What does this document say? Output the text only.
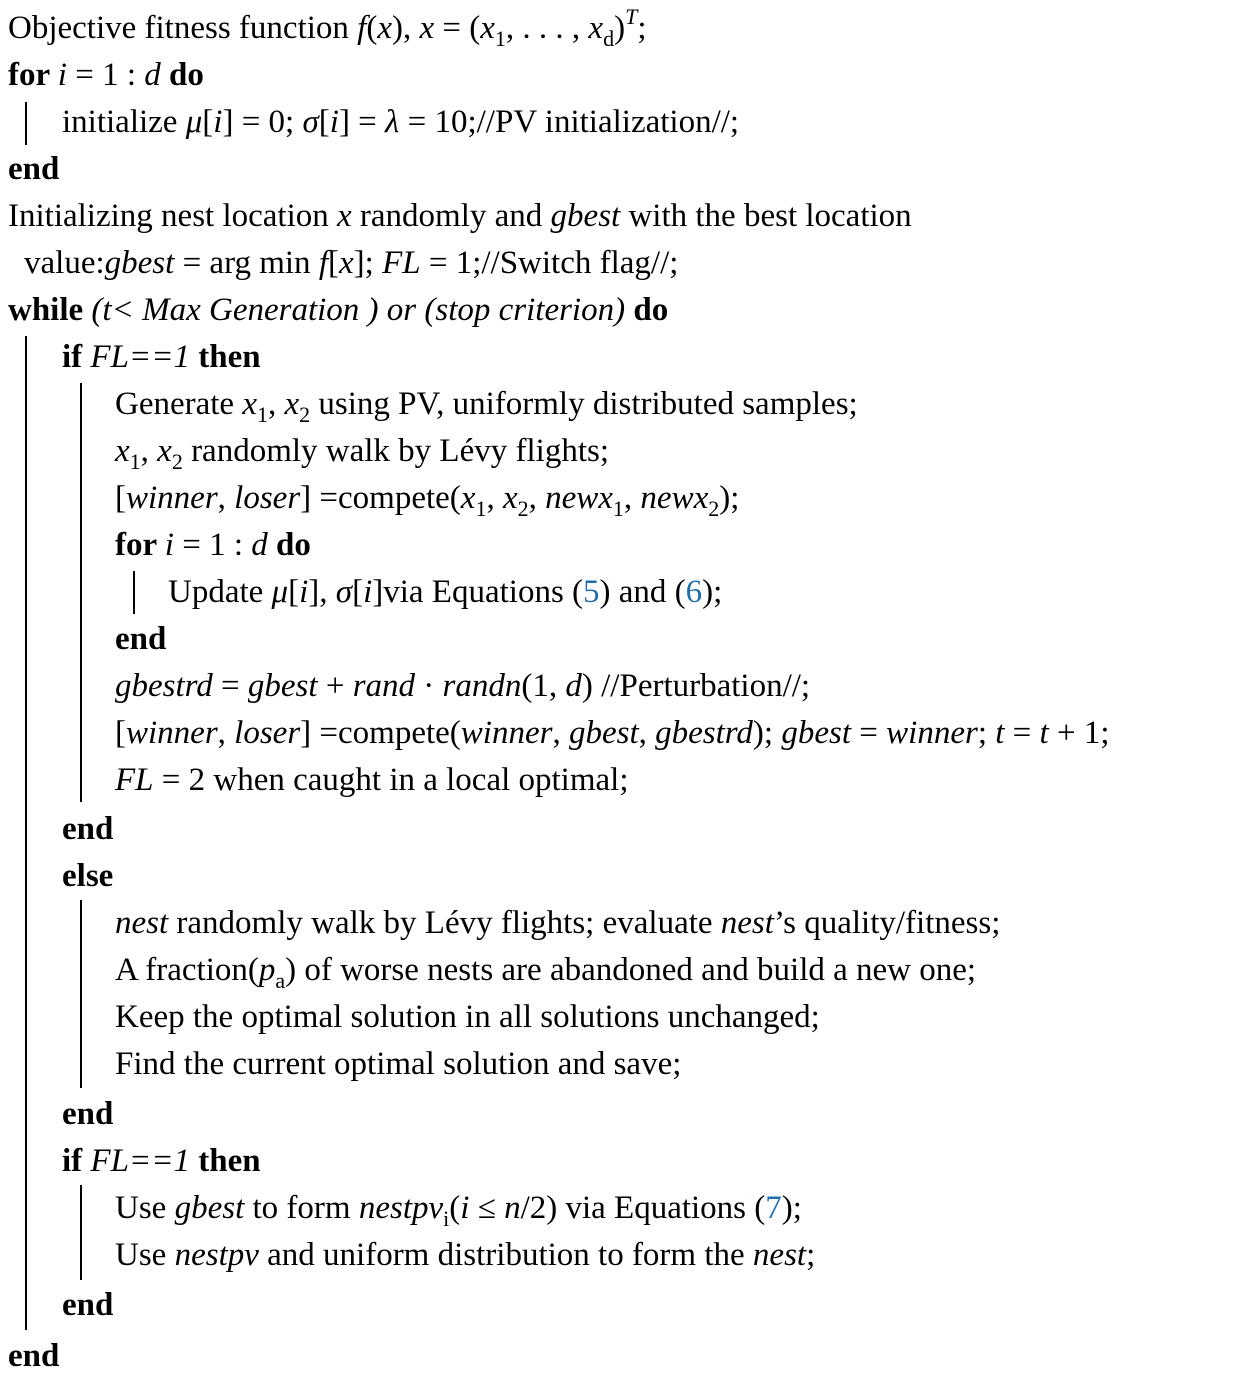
Objective fitness function f(x), $x = (x_1$, . . . , $x_d)^T$;
for i = 1 : d do
initialize μ[i] = 0; σ[i] = λ = 10;//PV initialization//;
end
Initializing nest location x randomly and gbest with the best location
value:gbest = arg min f[x]; FL = 1;//Switch flag//;
while (t< Max Generation ) or (stop criterion) do
if FL==1 then
Generate $x_1$, $x_2$ using PV, uniformly distributed samples;
$x_1$, $x_2$ randomly walk by Lévy flights;
[winner, loser] $=compete(x_1$, $x_2$, newx$_1$, newx$_2$);
for i = 1 : d do
Update μ[i], σ[i]via Equations (5) and (6);
end
gbestrd = gbest + rand · randn(1, d) //Perturbation//;
[winner, loser] =compete(winner, gbest, gbestrd); gbest = winner; t = t + 1;
FL = 2 when caught in a local optimal;
end
else
nest randomly walk by Lévy flights; evaluate nest’s quality/fitness;
A $fraction(p_a)$ of worse nests are abandoned and build a new one;
Keep the optimal solution in all solutions unchanged;
Find the current optimal solution and save;
end
if FL==1 then
Use gbest to form nestpv$_i$(i ≤ n/2) via Equations (7);
Use nestpv and uniform distribution to form the nest;
end
end
